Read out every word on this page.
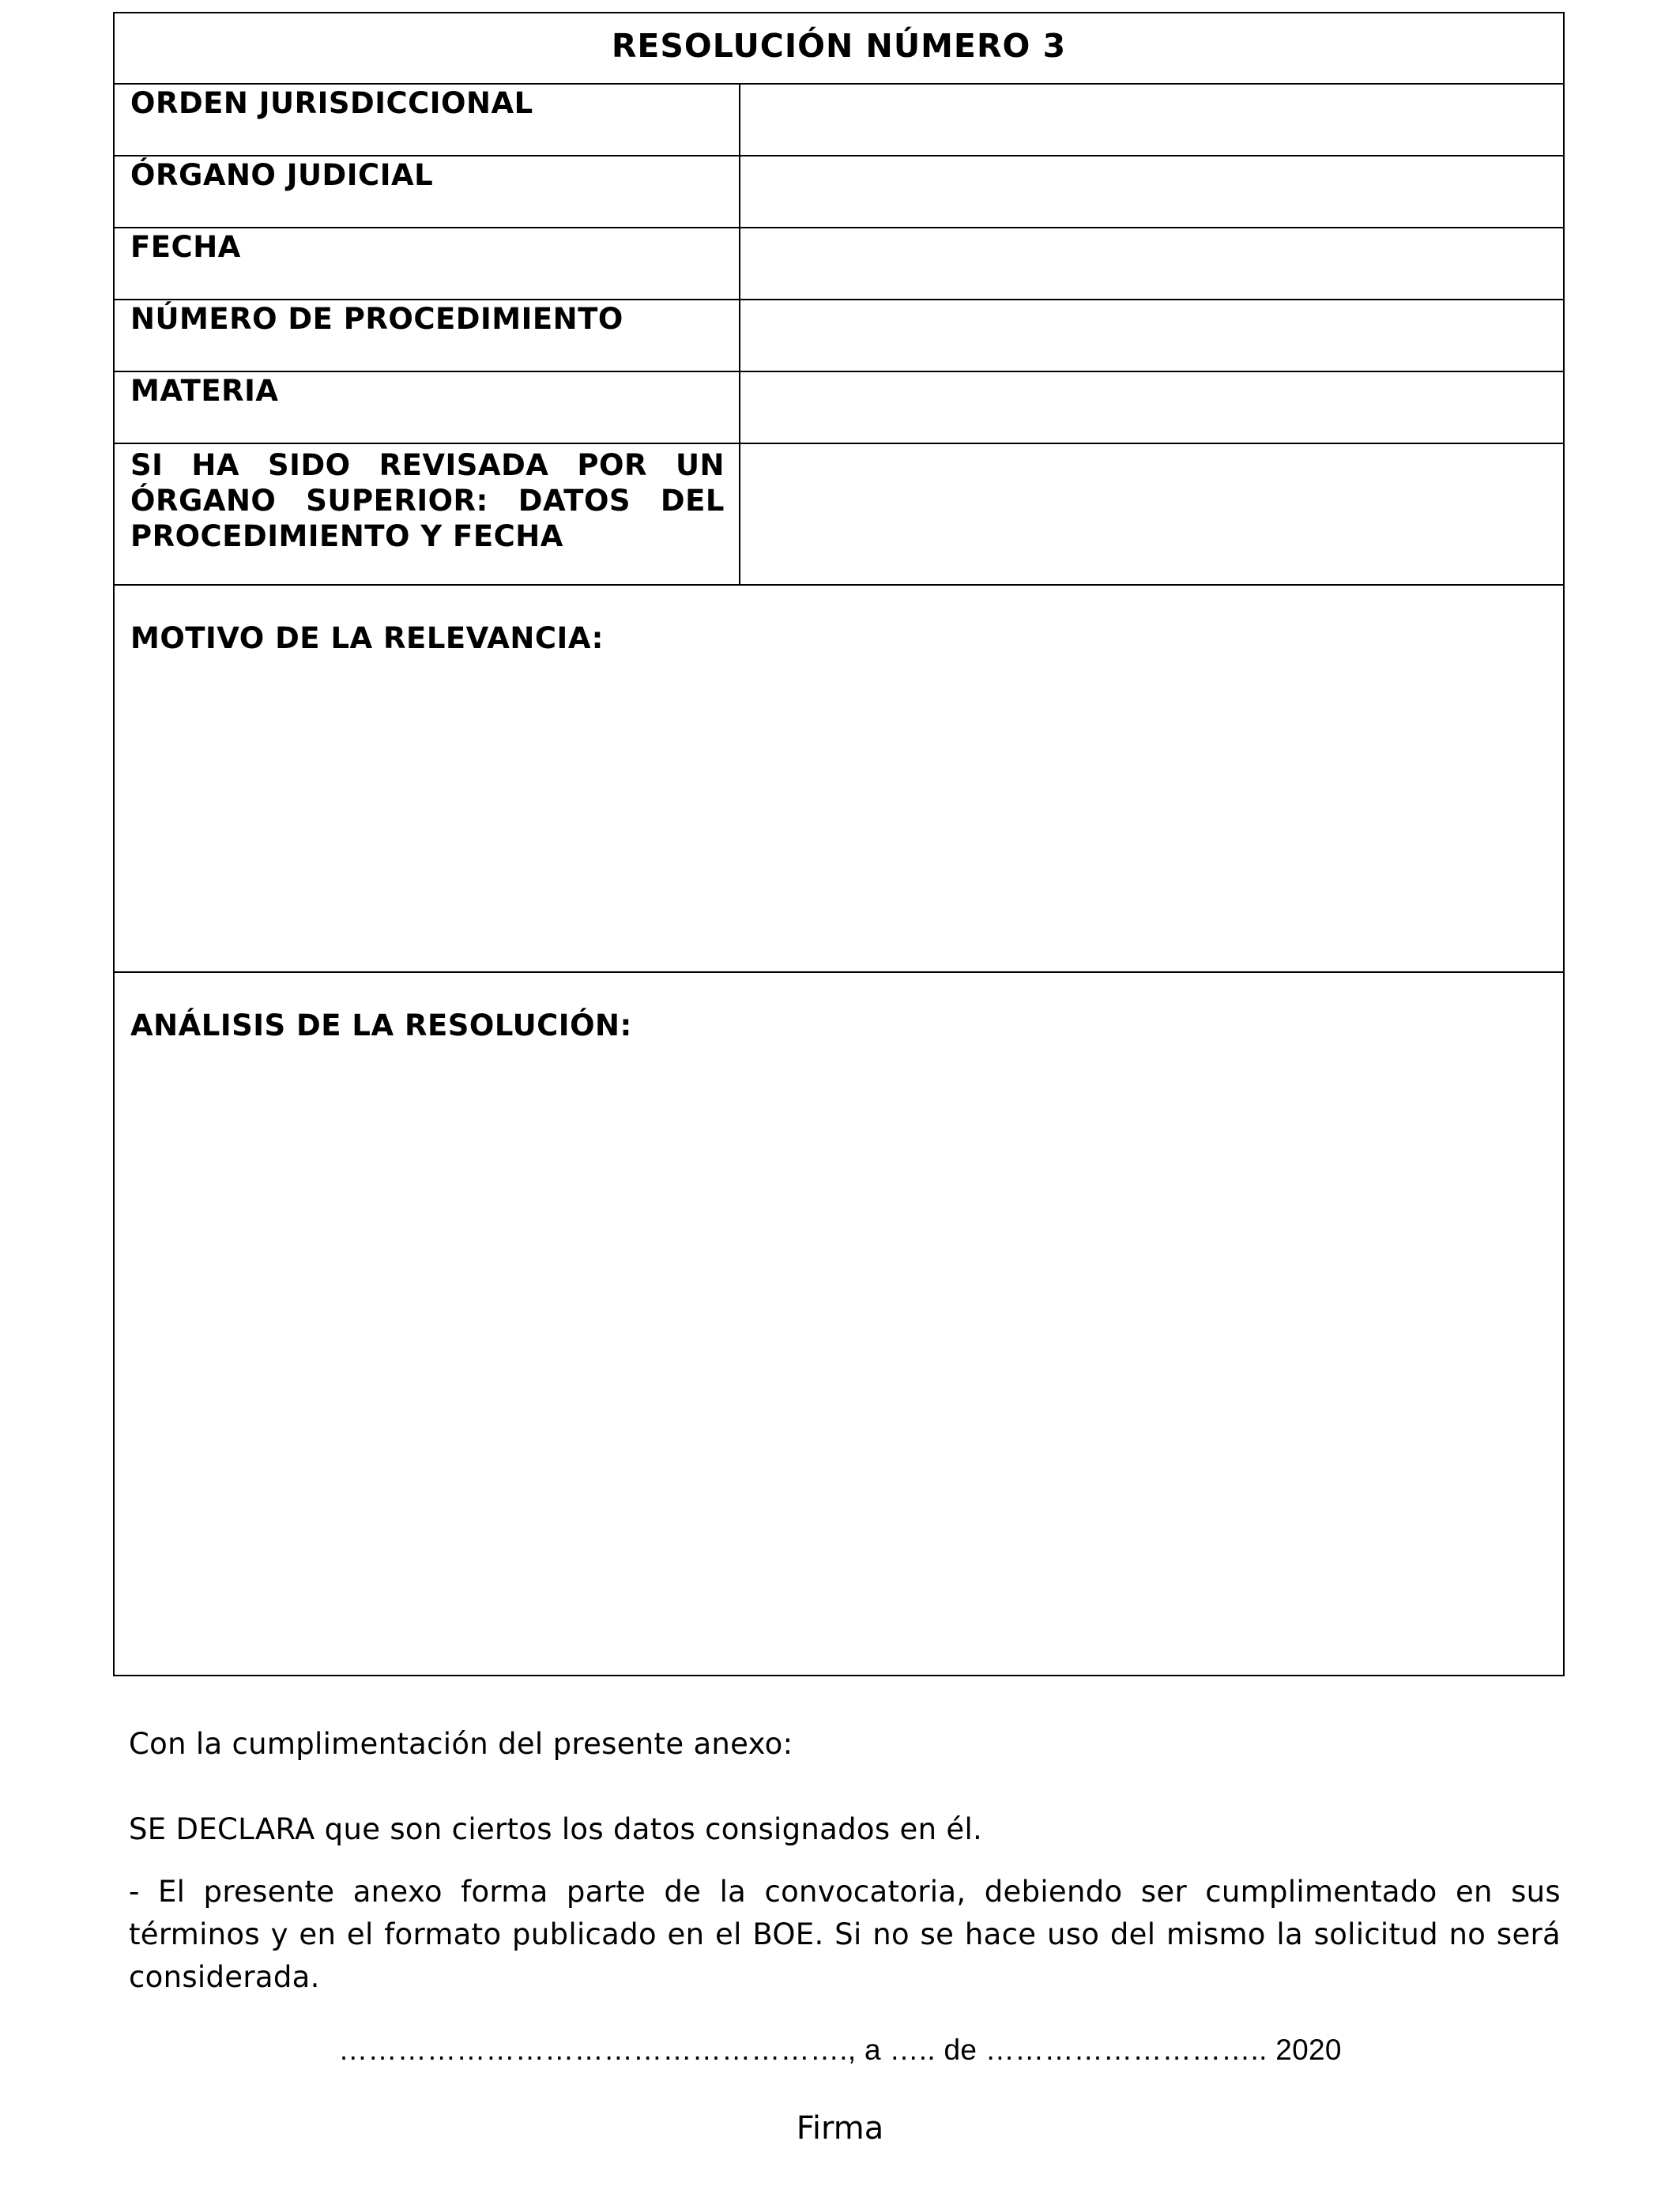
RESOLUCIÓN NÚMERO 3
ORDEN JURISDICCIONAL
ÓRGANO JUDICIAL
FECHA
NÚMERO DE PROCEDIMIENTO
MATERIA
SI HA SIDO REVISADA POR UN ÓRGANO SUPERIOR: DATOS DEL PROCEDIMIENTO Y FECHA
MOTIVO DE LA RELEVANCIA:
ANÁLISIS DE LA RESOLUCIÓN:
Con la cumplimentación del presente anexo:
SE DECLARA que son ciertos los datos consignados en él.
- El presente anexo forma parte de la convocatoria, debiendo ser cumplimentado en sus términos y en el formato publicado en el BOE. Si no se hace uso del mismo la solicitud no será considerada.
……………………………………………., a ….. de ……………………….. 2020
Firma
